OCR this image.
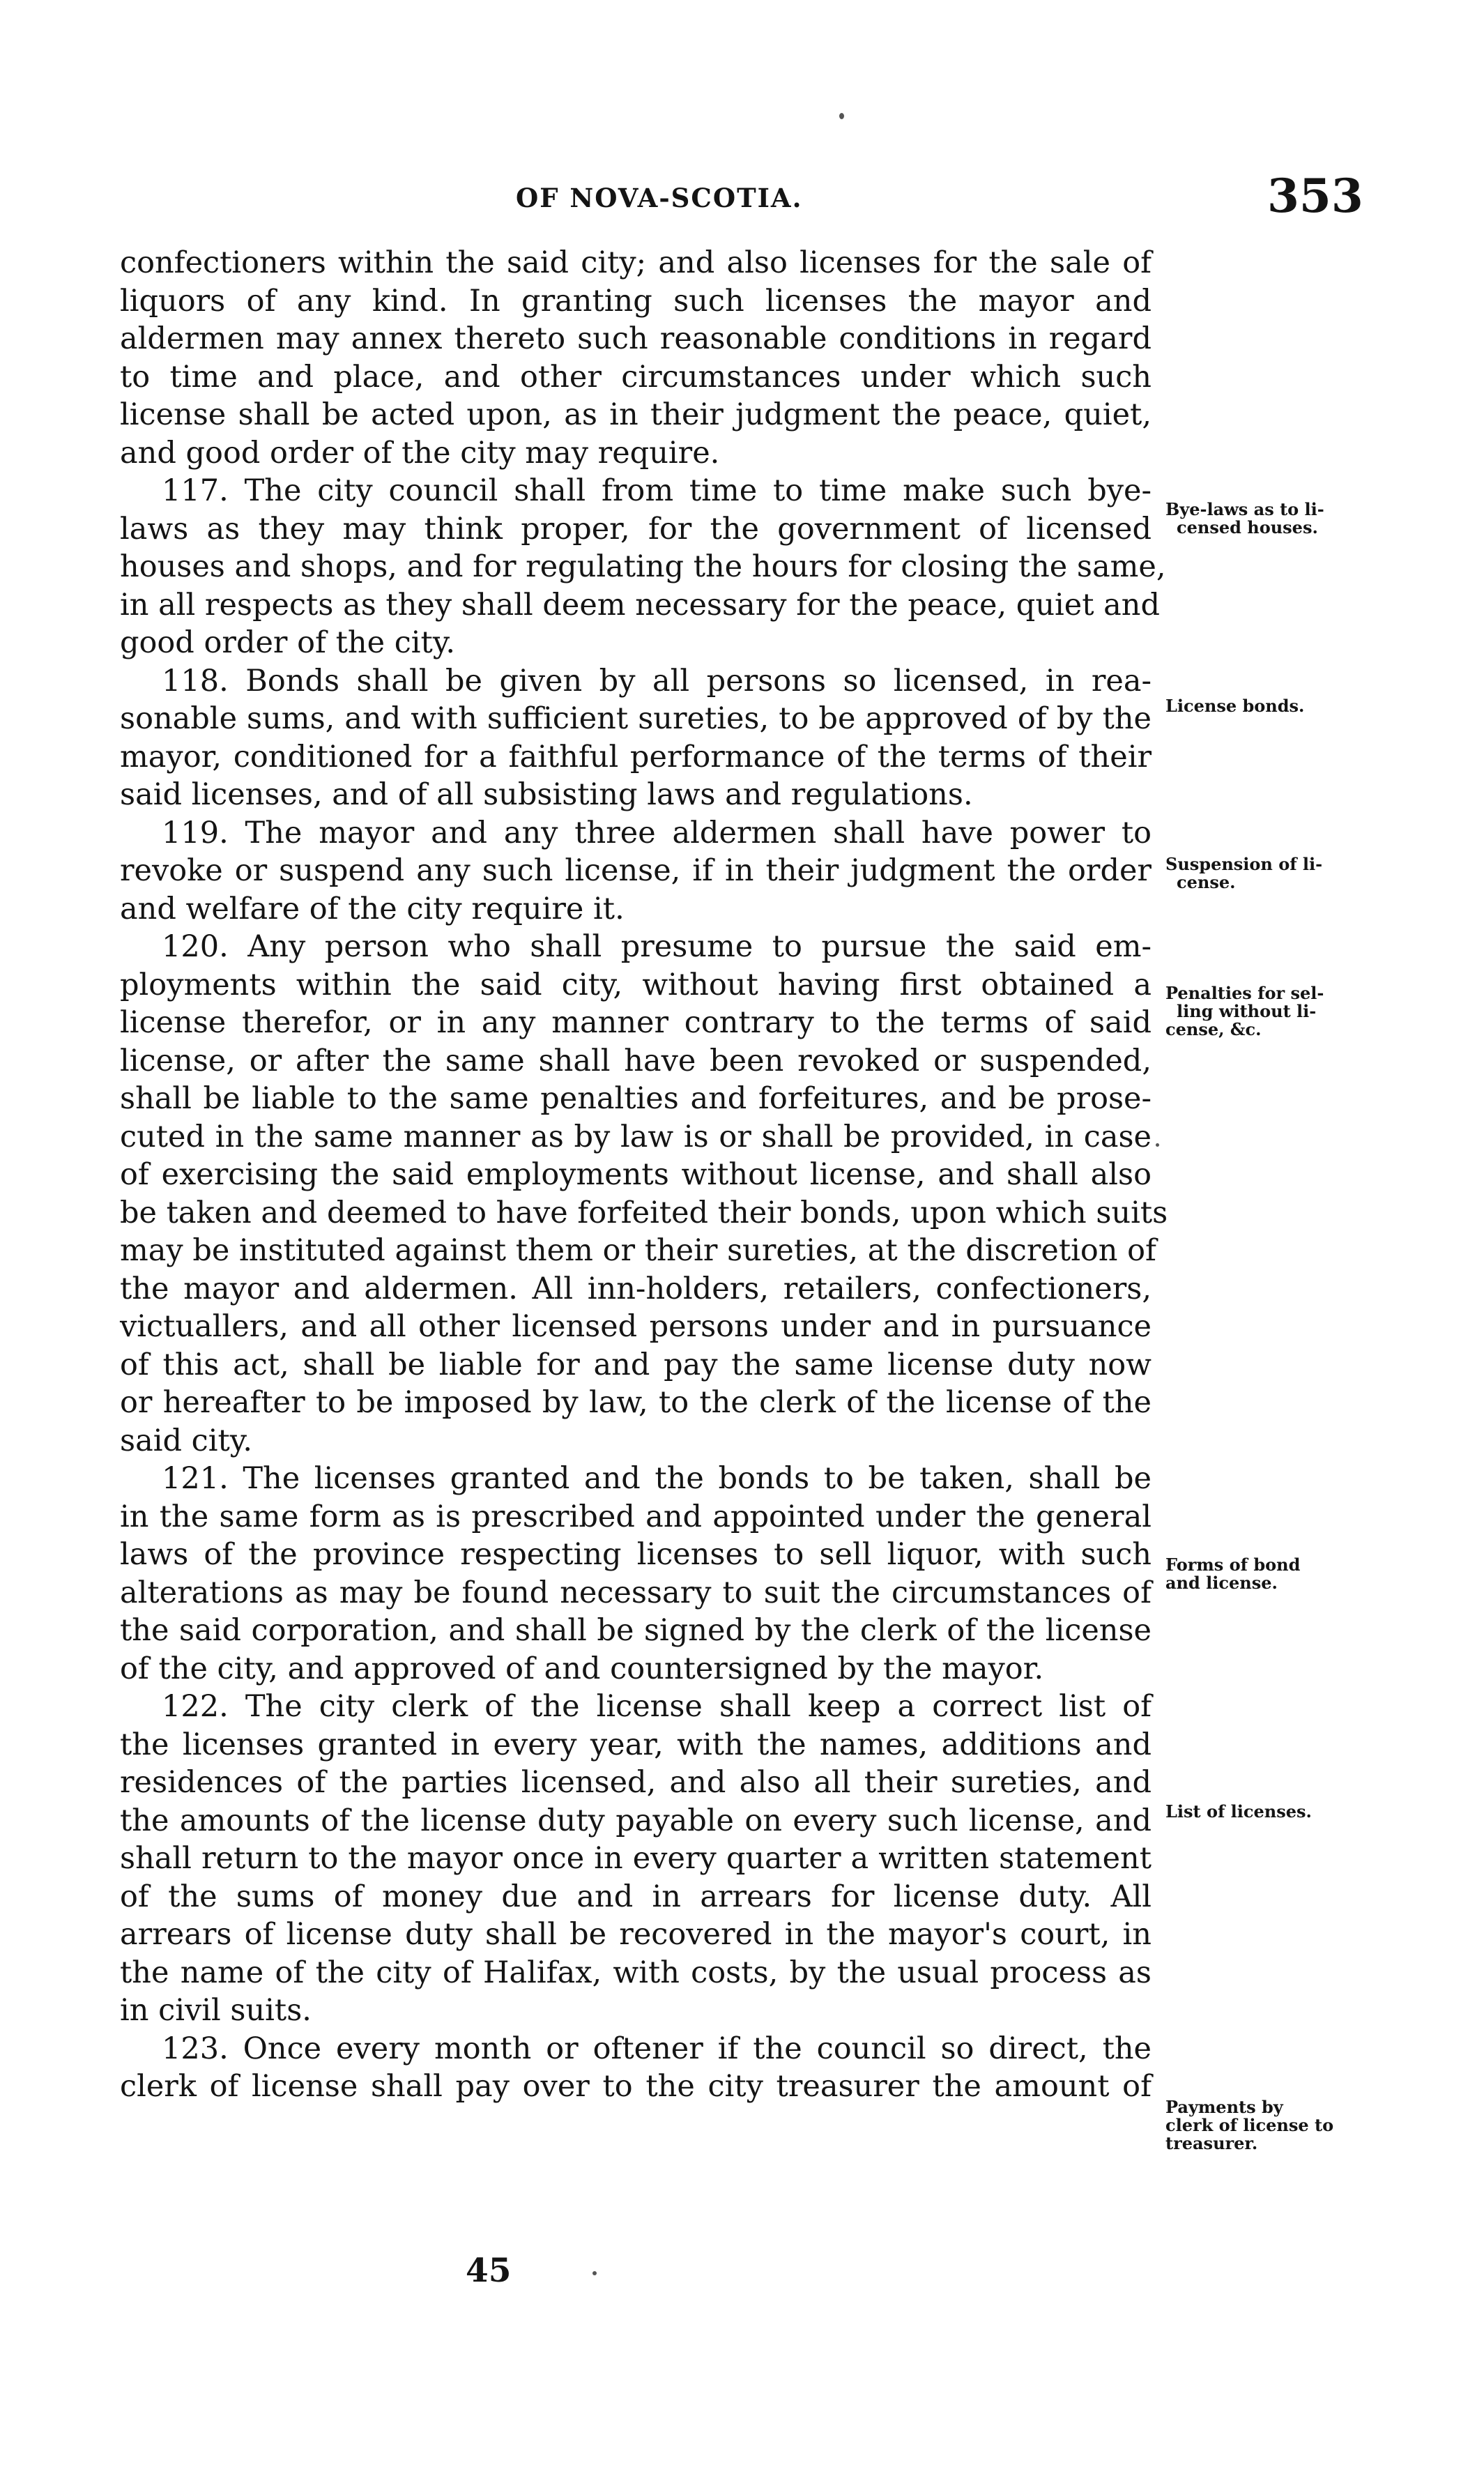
OF NOVA-SCOTIA.	353
confectioners within the said city; and also licenses for the sale of
liquors of any kind. In granting such licenses the mayor and
aldermen may annex thereto such reasonable conditions in regard
to time and place, and other circumstances under which such
license shall be acted upon, as in their judgment the peace, quiet,
and good order of the city may require.
117. The city council shall from time to time make such bye-
laws as they may think proper, for the government of licensed
houses and shops, and for regulating the hours for closing the same,
in all respects as they shall deem necessary for the peace, quiet and
good order of the city.
118. Bonds shall be given by all persons so licensed, in rea-
sonable sums, and with sufficient sureties, to be approved of by the
mayor, conditioned for a faithful performance of the terms of their
said licenses, and of all subsisting laws and regulations.
119. The mayor and any three aldermen shall have power to
revoke or suspend any such license, if in their judgment the order
and welfare of the city require it.
120. Any person who shall presume to pursue the said em-
ployments within the said city, without having first obtained a
license therefor, or in any manner contrary to the terms of said
license, or after the same shall have been revoked or suspended,
shall be liable to the same penalties and forfeitures, and be prose-
cuted in the same manner as by law is or shall be provided, in case
of exercising the said employments without license, and shall also
be taken and deemed to have forfeited their bonds, upon which suits
may be instituted against them or their sureties, at the discretion of
the mayor and aldermen. All inn-holders, retailers, confectioners,
victuallers, and all other licensed persons under and in pursuance
of this act, shall be liable for and pay the same license duty now
or hereafter to be imposed by law, to the clerk of the license of the
said city.
121. The licenses granted and the bonds to be taken, shall be
in the same form as is prescribed and appointed under the general
laws of the province respecting licenses to sell liquor, with such
alterations as may be found necessary to suit the circumstances of
the said corporation, and shall be signed by the clerk of the license
of the city, and approved of and countersigned by the mayor.
122. The city clerk of the license shall keep a correct list of
the licenses granted in every year, with the names, additions and
residences of the parties licensed, and also all their sureties, and
the amounts of the license duty payable on every such license, and
shall return to the mayor once in every quarter a written statement
of the sums of money due and in arrears for license duty. All
arrears of license duty shall be recovered in the mayor's court, in
the name of the city of Halifax, with costs, by the usual process as
in civil suits.
123. Once every month or oftener if the council so direct, the
clerk of license shall pay over to the city treasurer the amount of
Bye-laws as to li-
censed houses.
License bonds.
Suspension of li-
cense.
Penalties for sel-
ling without li-
cense, &c.
Forms of bond
and license.
List of licenses.
Payments by
clerk of license to
treasurer.
45
